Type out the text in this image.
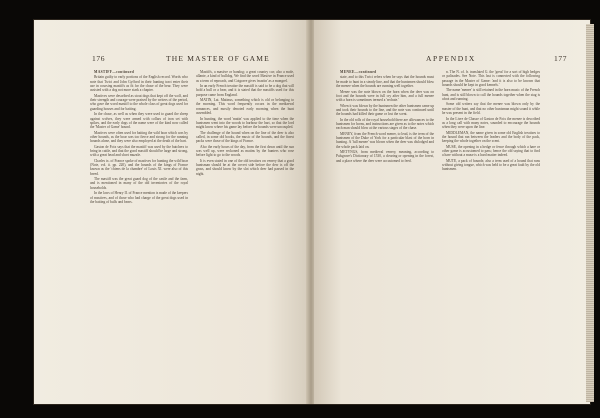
176	THE MASTER OF GAME

MASTIFF—continued

Britain guilty to early portions of the English record. Words who note that Twici and John Gyfford in their hunting tract enter their use in coursing mastiffs as fit for the chase of the bear. They were assisted with a dog not more stark a chapter.

Mastives were described as stout dogs that kept off the wolf, and their strength and courage were praised by the writers of the period, who gave the word mastiff to the whole class of great dogs used for guarding houses and for baiting.

In the chase, as well as when they were used to guard the sheep against wolves, they were armed with collars of iron set with spikes, and the early dogs of the name were of the kind now called the 'Master of Game' hound.

Mastives were often used for baiting the wild boar which was by other hounds, as the boar was too fierce and strong for the running hounds alone, and they were also employed at the death of the hart.

Gaston de Foix says that the mastiff was used by the butchers to bring in cattle, and that the good mastiff should be large and strong, with a great head and short muzzle.

Charles ix. of France spoke of mastives for hunting the wild boar (Note, vol. ii. pp. 220), and the hounds of the kings of France known as the 'chiens de la chambre' of Louis XI. were also of this breed.

The mastiff was the great guard dog of the castle and the farm, and is mentioned in many of the old inventories of the royal households.

In the laws of Henry II. of France mention is made of the keepers of mastives, and of those who had charge of the great dogs used in the baiting of bulls and bears.

Mastiffs, a mastive or bandog; a great country cur; also a mole, allante, a kind of bulldog. We find the word Mastive in France used as a term of reproach, and Cotgrave gives 'mastin' as a mongrel.

In an early French treatise the mastiff is said to be a dog that will hold a bull or a bear, and it is stated that the mastiffs used for this purpose came from England.

MATIN, Lat. Matinus, something which is old or belonging to the morning. This word frequently occurs in the mediaeval romances, and mostly denoted early morning when the hunt assembled.

In hunting, the word 'matin' was applied to the time when the huntsmen went into the woods to harbour the hart, so that the lord might know where his game lay before the hounds were uncoupled.

The challenge of the hound when on the line of the deer is also called, in some old books, the music of the hounds, and the finest packs were those of the kings of France.

Also the early hours of the day, from the first dawn until the sun was well up, were reckoned as matins by the hunters who rose before light to go to the woods.

It is even stated in one of the old treatises on venery that a good huntsman should be at the covert side before the dew is off the grass, and should know by the slot which deer had passed in the night.

APPENDIX	177

MENEE—continued

state, and to this Twici refers when he says that the hounds must be made to hunt in a steady line, and that the huntsmen should blow the menee when the hounds are running well together.

Menee was the note blown on the horn when the deer was on foot and the hounds were in full cry after him, and a full menee with a horn is sometimes termed a 'rechate.'

When it was blown by the huntsmen the other huntsmen came up and took their hounds to the line, and the note was continued until the hounds had killed their game or lost the scent.

In the old rolls of the royal household there are allowances to the huntsmen for horns, and instructions are given as to the notes which each man should blow at the various stages of the chase.

MENEY, from the French word mener, to lead, is the term of the huntsmen of the Duke of York for a particular blast of the horn in hunting. A 'full menee' was blown when the deer was dislodged and the whole pack laid on.

METYNGS, from medieval venery, meaning, according to Palsgrave's Dictionary of 1530, a clearing or opening in the forest, and a place where the deer were accustomed to feed.

n. The N. of. fr. translated G. the 'great' for a sort of high hedges or palisades. See Note. This last is connected with the following passage in the Master of Game: 'and it is also to be known that hounds should be kept in good kennels.'

The name 'menee' is still retained in the horn music of the French hunt, and is still blown to call the hounds together when the stag is afoot and running.

Some old writers say that the menee was blown only by the master of the hunt, and that no other huntsman might sound it while he was present in the field.

In the Livre de Chasse of Gaston de Foix the menee is described as a long call with many notes, sounded to encourage the hounds when they were upon the line.

MIDDLEMAN, the name given in some old English treatises to the hound that ran between the leaders and the body of the pack, keeping the whole together on the scent.

MUSE, the opening in a hedge or fence through which a hare or other game is accustomed to pass; hence the old saying that to find a hare without a muse is a hard matter indeed.

MUTE, a pack of hounds; also a term used of a hound that runs without giving tongue, which was held to be a great fault by the old huntsmen.
